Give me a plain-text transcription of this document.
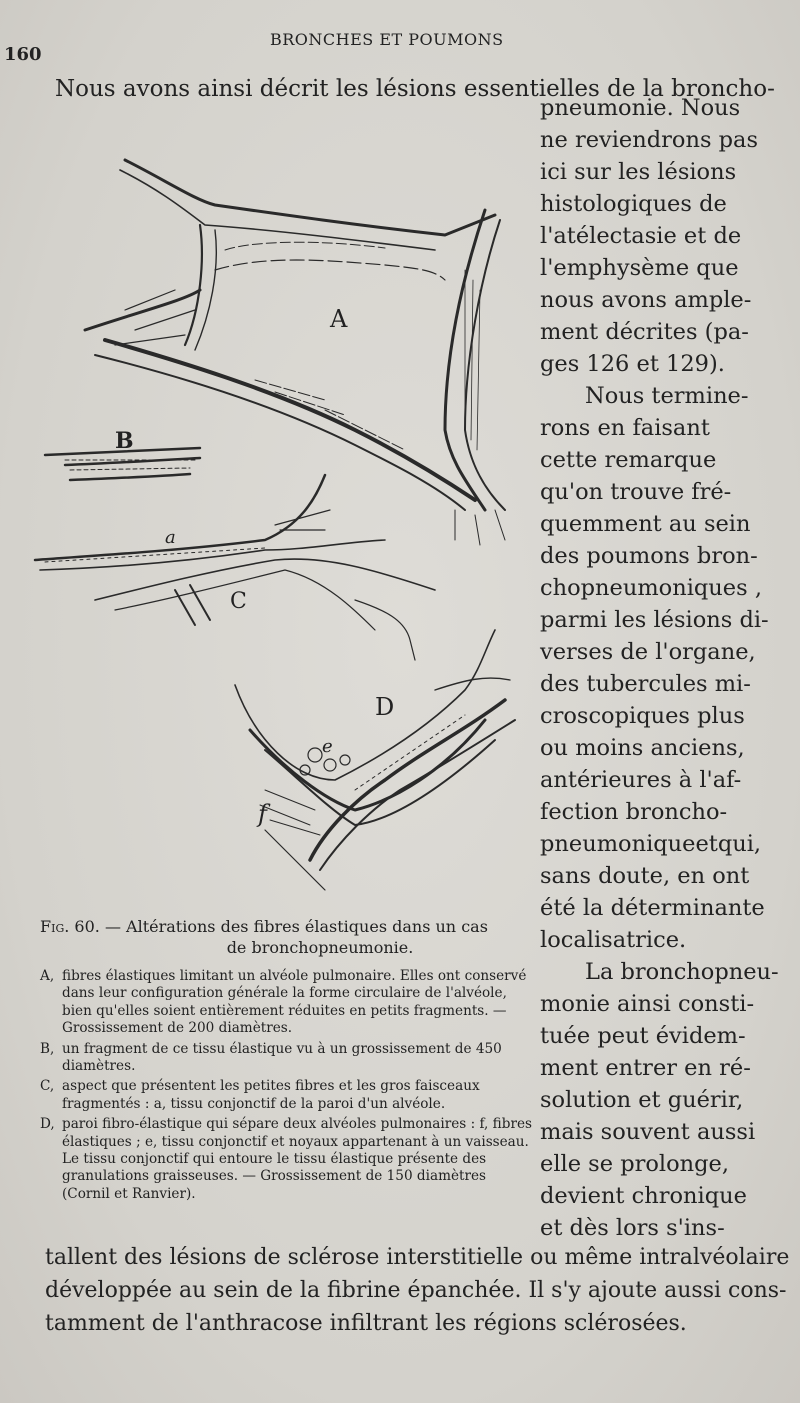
160
BRONCHES ET POUMONS
Nous avons ainsi décrit les lésions essentielles de la broncho-
A
B
a
C
D
e
f
Fig. 60. — Altérations des fibres élastiques dans un cas
de bronchopneumonie.
A, fibres élastiques limitant un alvéole pulmonaire. Elles ont conservé dans leur configuration générale la forme circulaire de l'alvéole, bien qu'elles soient entièrement réduites en petits fragments. — Grossissement de 200 diamètres.
B, un fragment de ce tissu élastique vu à un grossissement de 450 diamètres.
C, aspect que présentent les petites fibres et les gros faisceaux fragmentés : a, tissu conjonctif de la paroi d'un alvéole.
D, paroi fibro-élastique qui sépare deux alvéoles pulmonaires : f, fibres élastiques ; e, tissu conjonctif et noyaux appartenant à un vaisseau. Le tissu conjonctif qui entoure le tissu élastique présente des granulations graisseuses. — Grossissement de 150 diamètres (Cornil et Ranvier).
pneumonie. Nous
ne reviendrons pas
ici sur les lésions
histologiques de
l'atélectasie et de
l'emphysème que
nous avons ample-
ment décrites (pa-
ges 126 et 129).
Nous termine-
rons en faisant
cette remarque
qu'on trouve fré-
quemment au sein
des poumons bron-
chopneumoniques ,
parmi les lésions di-
verses de l'organe,
des tubercules mi-
croscopiques plus
ou moins anciens,
antérieures à l'af-
fection broncho-
pneumoniqueetqui,
sans doute, en ont
été la déterminante
localisatrice.
La bronchopneu-
monie ainsi consti-
tuée peut évidem-
ment entrer en ré-
solution et guérir,
mais souvent aussi
elle se prolonge,
devient chronique
et dès lors s'ins-
tallent des lésions de sclérose interstitielle ou même intralvéolaire
développée au sein de la fibrine épanchée. Il s'y ajoute aussi cons-
tamment de l'anthracose infiltrant les régions sclérosées.
